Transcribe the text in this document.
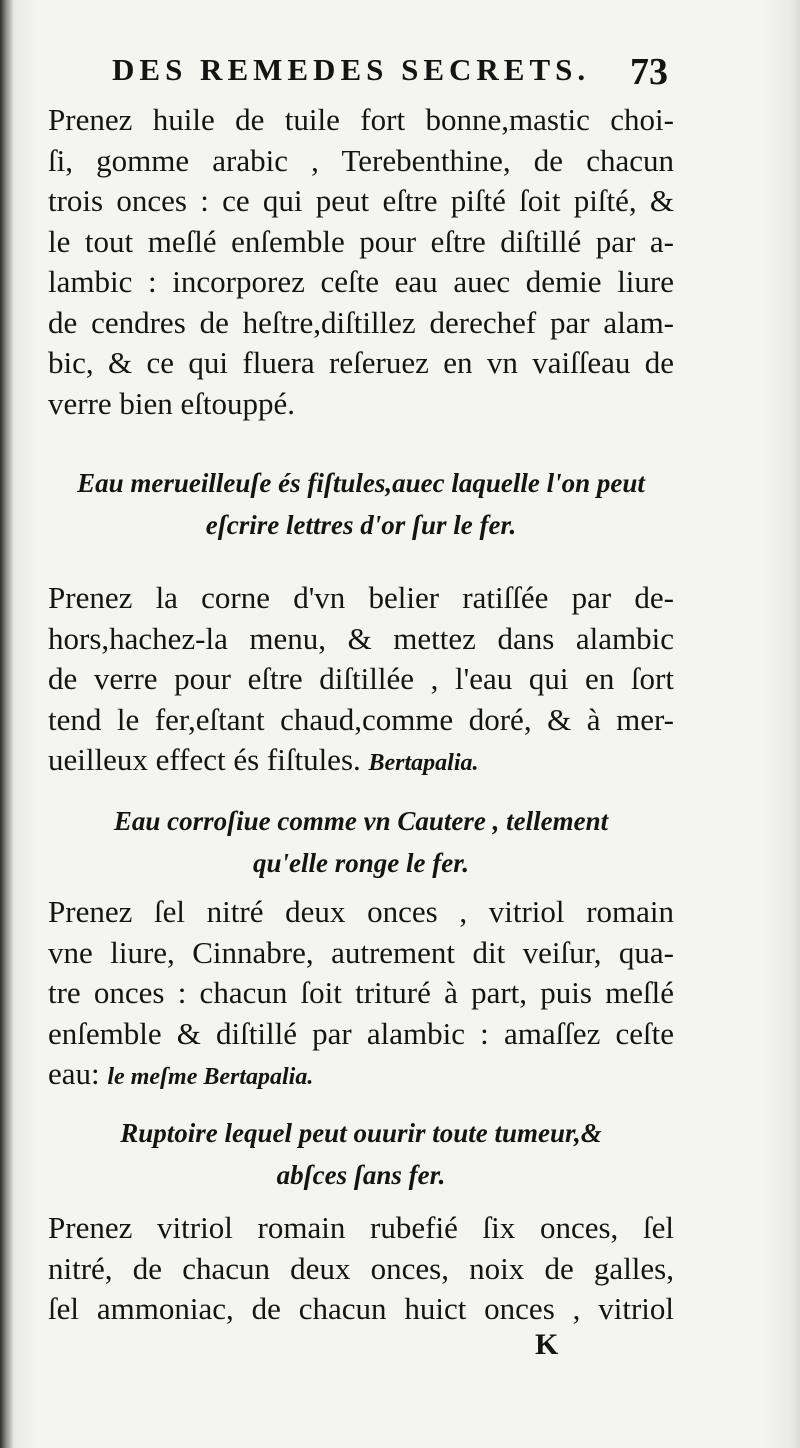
DES REMEDES SECRETS.	73
Prenez huile de tuile fort bonne,mastic choi-
ſi, gomme arabic , Terebenthine, de chacun
trois onces : ce qui peut eſtre piſté ſoit piſté, &
le tout meſlé enſemble pour eſtre diſtillé par a-
lambic : incorporez ceſte eau auec demie liure
de cendres de heſtre,diſtillez derechef par alam-
bic, & ce qui fluera reſeruez en vn vaiſſeau de
verre bien eſtouppé.
Eau merueilleuſe és fiſtules,auec laquelle l'on peut
eſcrire lettres d'or ſur le fer.
Prenez la corne d'vn belier ratiſſée par de-
hors,hachez-la menu, & mettez dans alambic
de verre pour eſtre diſtillée , l'eau qui en ſort
tend le fer,eſtant chaud,comme doré, & à mer-
ueilleux effect és fiſtules. Bertapalia.
Eau corroſiue comme vn Cautere , tellement
qu'elle ronge le fer.
Prenez ſel nitré deux onces , vitriol romain
vne liure, Cinnabre, autrement dit veiſur, qua-
tre onces : chacun ſoit trituré à part, puis meſlé
enſemble & diſtillé par alambic : amaſſez ceſte
eau: le meſme Bertapalia.
Ruptoire lequel peut ouurir toute tumeur,&
abſces ſans fer.
Prenez vitriol romain rubefié ſix onces, ſel
nitré, de chacun deux onces, noix de galles,
ſel ammoniac, de chacun huict onces , vitriol
K
